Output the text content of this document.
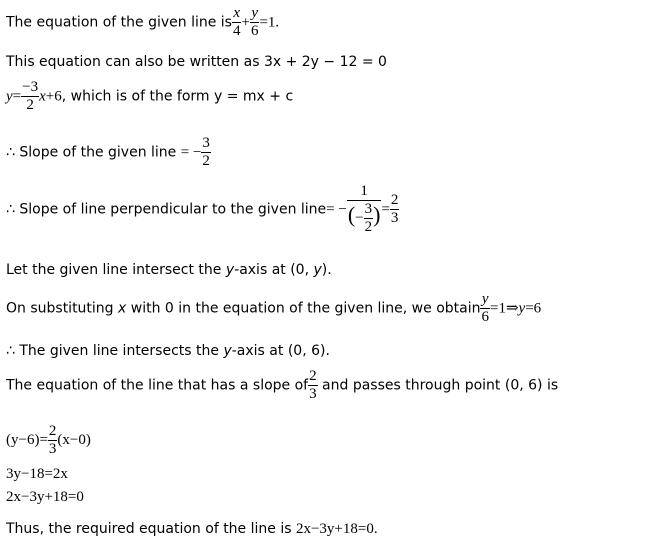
The equation of the given line is $\frac{x}{4} + \frac{y}{6} =1$.
This equation can also be written as 3x + 2y − 12 = 0
$y= \frac{-3}{2} x+6$, which is of the form y = mx + c
∴ Slope of the given line = − $\frac{3}{2}$
∴ Slope of line perpendicular to the given line= − $\frac{1}{(- \frac{3}{2} )} = \frac{2}{3}$
Let the given line intersect the y-axis at (0, y).
On substituting x with 0 in the equation of the given line, we obtain $\frac{y}{6}$ =1⇒y=6
∴ The given line intersects the y-axis at (0, 6).
The equation of the line that has a slope of $\frac{2}{3}$ and passes through point (0, 6) is
$(y-6)= \frac{2}{3} (x-0)$
3y−18=2x
2x−3y+18=0
Thus, the required equation of the line is 2x−3y+18=0.
